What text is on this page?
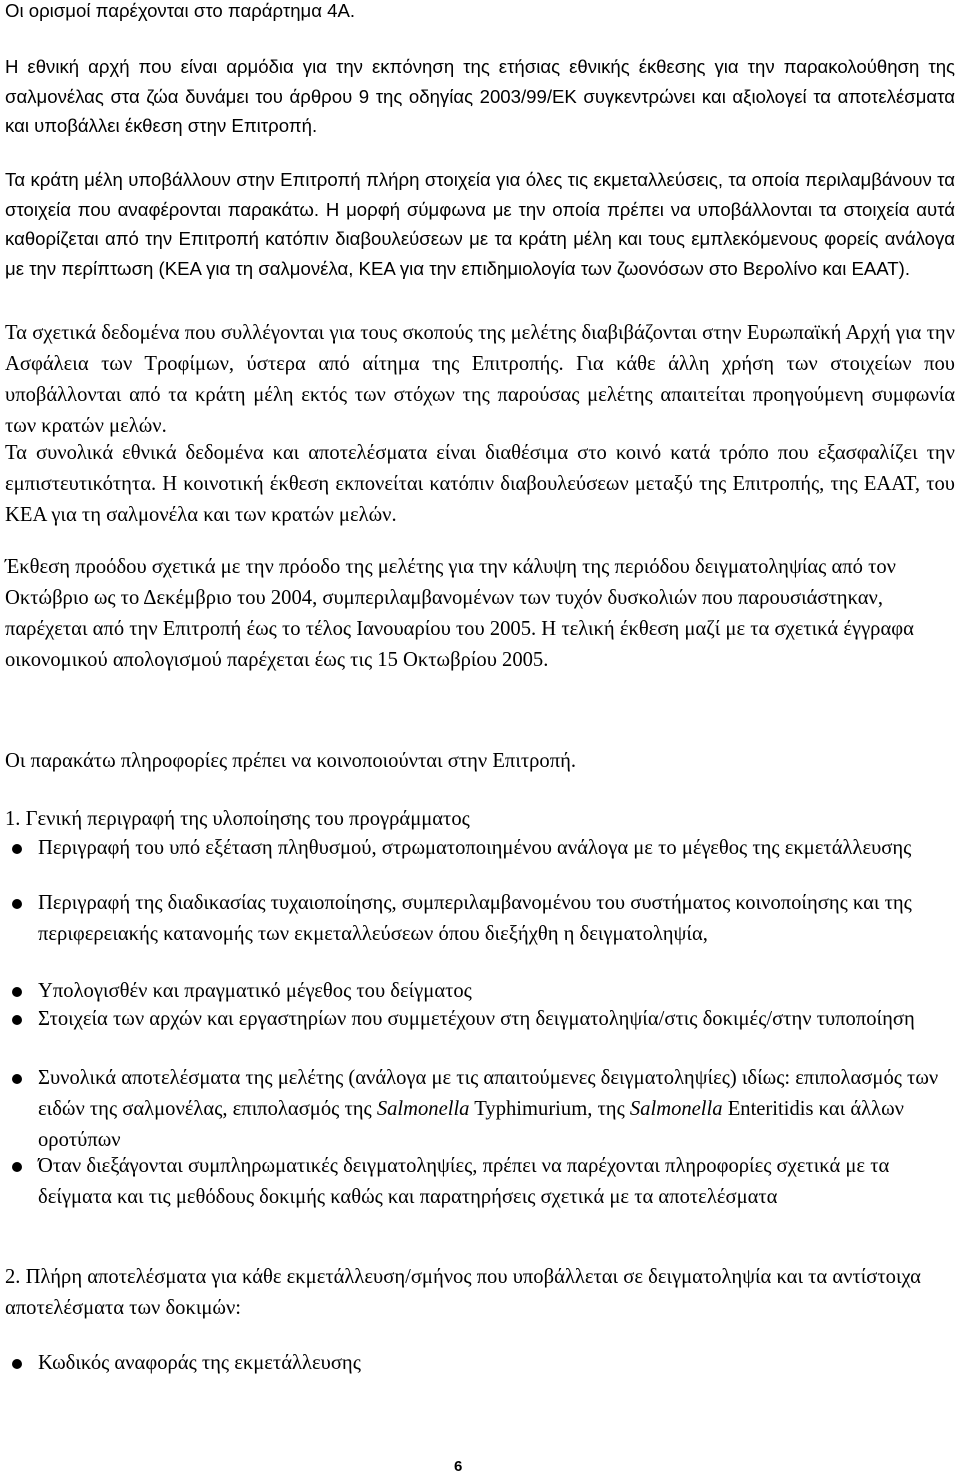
Οι ορισμοί παρέχονται στο παράρτημα 4Α.

Η εθνική αρχή που είναι αρμόδια για την εκπόνηση της ετήσιας εθνικής έκθεσης για την παρακολούθηση της σαλμονέλας στα ζώα δυνάμει του άρθρου 9 της οδηγίας 2003/99/ΕΚ συγκεντρώνει και αξιολογεί τα αποτελέσματα και υποβάλλει έκθεση στην Επιτροπή.

Τα κράτη μέλη υποβάλλουν στην Επιτροπή πλήρη στοιχεία για όλες τις εκμεταλλεύσεις, τα οποία περιλαμβάνουν τα στοιχεία που αναφέρονται παρακάτω. Η μορφή σύμφωνα με την οποία πρέπει να υποβάλλονται τα στοιχεία αυτά καθορίζεται από την Επιτροπή κατόπιν διαβουλεύσεων με τα κράτη μέλη και τους εμπλεκόμενους φορείς ανάλογα με την περίπτωση (ΚΕΑ για τη σαλμονέλα, ΚΕΑ για την επιδημιολογία των ζωονόσων στο Βερολίνο και ΕΑΑΤ).

Τα σχετικά δεδομένα που συλλέγονται για τους σκοπούς της μελέτης διαβιβάζονται στην Ευρωπαϊκή Αρχή για την Ασφάλεια των Τροφίμων, ύστερα από αίτημα της Επιτροπής. Για κάθε άλλη χρήση των στοιχείων που υποβάλλονται από τα κράτη μέλη εκτός των στόχων της παρούσας μελέτης απαιτείται προηγούμενη συμφωνία των κρατών μελών.

Τα συνολικά εθνικά δεδομένα και αποτελέσματα είναι διαθέσιμα στο κοινό κατά τρόπο που εξασφαλίζει την εμπιστευτικότητα. Η κοινοτική έκθεση εκπονείται κατόπιν διαβουλεύσεων μεταξύ της Επιτροπής, της ΕΑΑΤ, του ΚΕΑ για τη σαλμονέλα και των κρατών μελών.

Έκθεση προόδου σχετικά με την πρόοδο της μελέτης για την κάλυψη της περιόδου δειγματοληψίας από τον Οκτώβριο ως το Δεκέμβριο του 2004, συμπεριλαμβανομένων των τυχόν δυσκολιών που παρουσιάστηκαν, παρέχεται από την Επιτροπή έως το τέλος Ιανουαρίου του 2005. Η τελική έκθεση μαζί με τα σχετικά έγγραφα οικονομικού απολογισμού παρέχεται έως τις 15 Οκτωβρίου 2005.

Οι παρακάτω πληροφορίες πρέπει να κοινοποιούνται στην Επιτροπή.

1. Γενική περιγραφή της υλοποίησης του προγράμματος

Περιγραφή του υπό εξέταση πληθυσμού, στρωματοποιημένου ανάλογα με το μέγεθος της εκμετάλλευσης

Περιγραφή της διαδικασίας τυχαιοποίησης, συμπεριλαμβανομένου του συστήματος κοινοποίησης και της περιφερειακής κατανομής των εκμεταλλεύσεων όπου διεξήχθη η δειγματοληψία,

Υπολογισθέν και πραγματικό μέγεθος του δείγματος

Στοιχεία των αρχών και εργαστηρίων που συμμετέχουν στη δειγματοληψία/στις δοκιμές/στην τυποποίηση

Συνολικά αποτελέσματα της μελέτης (ανάλογα με τις απαιτούμενες δειγματοληψίες) ιδίως: επιπολασμός των ειδών της σαλμονέλας, επιπολασμός της Salmonella Typhimurium, της Salmonella Enteritidis και άλλων οροτύπων

Όταν διεξάγονται συμπληρωματικές δειγματοληψίες, πρέπει να παρέχονται πληροφορίες σχετικά με τα δείγματα και τις μεθόδους δοκιμής καθώς και παρατηρήσεις σχετικά με τα αποτελέσματα

2. Πλήρη αποτελέσματα για κάθε εκμετάλλευση/σμήνος που υποβάλλεται σε δειγματοληψία και τα αντίστοιχα αποτελέσματα των δοκιμών:

Κωδικός αναφοράς της εκμετάλλευσης

6
